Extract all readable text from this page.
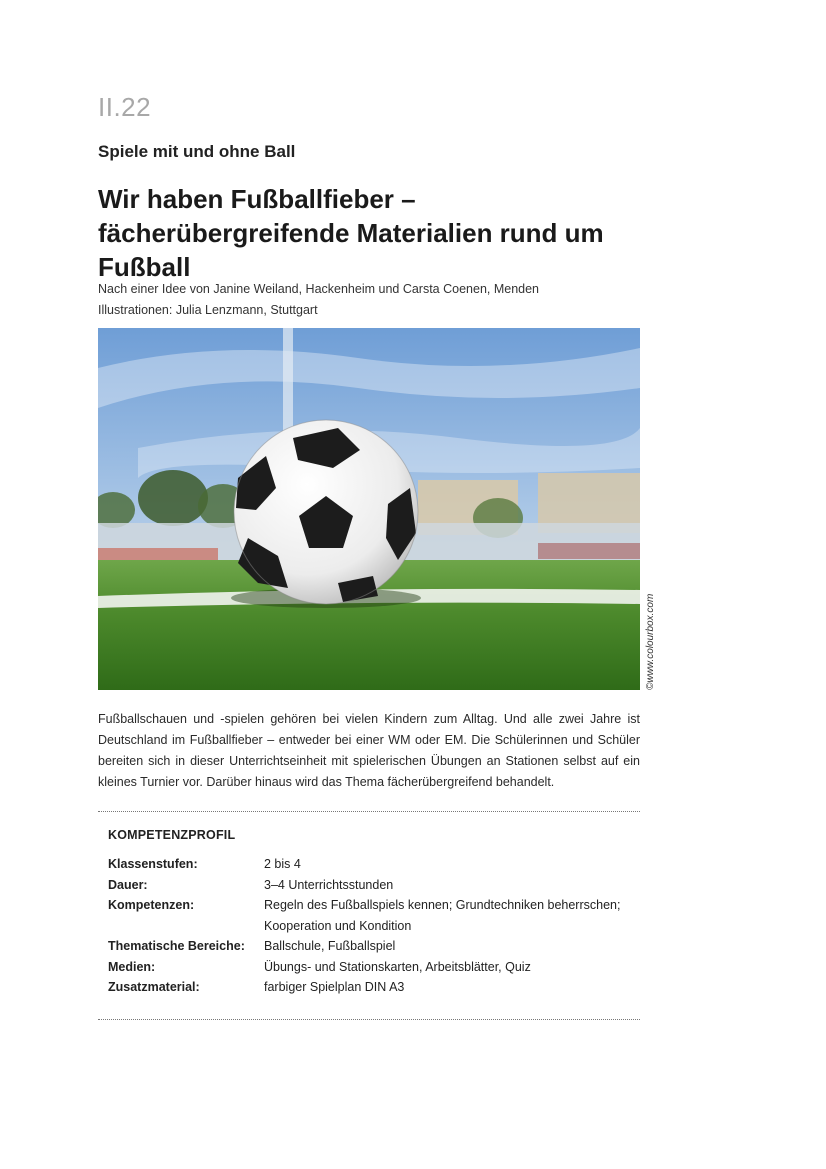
II.22
Spiele mit und ohne Ball
Wir haben Fußballfieber – fächerübergreifende Materialien rund um Fußball
Nach einer Idee von Janine Weiland, Hackenheim und Carsta Coenen, Menden
Illustrationen: Julia Lenzmann, Stuttgart
©www.colourbox.com

Fußballschauen und -spielen gehören bei vielen Kindern zum Alltag. Und alle zwei Jahre ist Deutschland im Fußballfieber – entweder bei einer WM oder EM. Die Schülerinnen und Schüler bereiten sich in dieser Unterrichtseinheit mit spielerischen Übungen an Stationen selbst auf ein kleines Turnier vor. Darüber hinaus wird das Thema fächerübergreifend behandelt.

KOMPETENZPROFIL
Klassenstufen:	2 bis 4
Dauer:	3–4 Unterrichtsstunden
Kompetenzen:	Regeln des Fußballspiels kennen; Grundtechniken beherrschen; Kooperation und Kondition
Thematische Bereiche:	Ballschule, Fußballspiel
Medien:	Übungs- und Stationskarten, Arbeitsblätter, Quiz
Zusatzmaterial:	farbiger Spielplan DIN A3
